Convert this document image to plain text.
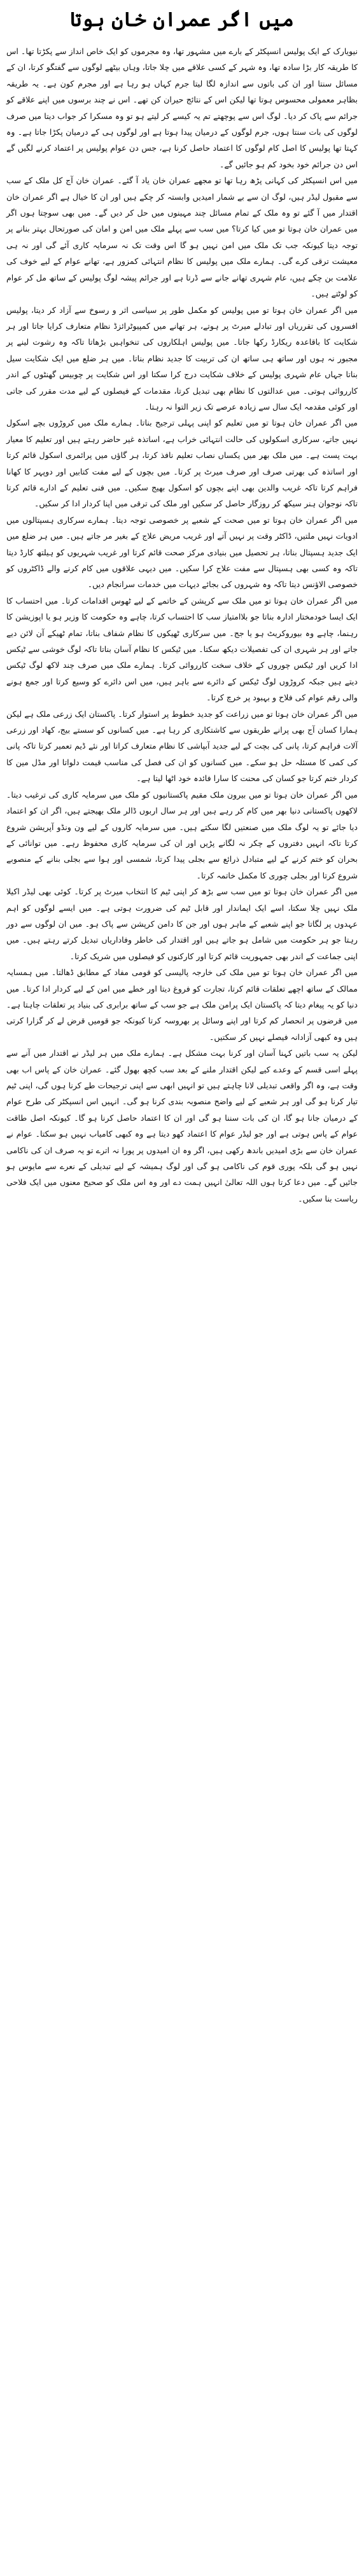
میں اگر عمران خان ہوتا

نیویارک کے ایک پولیس انسپکٹر کے بارے میں مشہور تھا، وہ مجرموں کو ایک خاص انداز سے پکڑتا تھا۔ اس کا طریقہ کار بڑا سادہ تھا، وہ شہر کے کسی علاقے میں چلا جاتا، وہاں بیٹھے لوگوں سے گفتگو کرتا، ان کے مسائل سنتا اور ان کی باتوں سے اندازہ لگا لیتا جرم کہاں ہو رہا ہے اور مجرم کون ہے۔ یہ طریقہ بظاہر معمولی محسوس ہوتا تھا لیکن اس کے نتائج حیران کن تھے۔ اس نے چند برسوں میں اپنے علاقے کو جرائم سے پاک کر دیا۔ لوگ اس سے پوچھتے تم یہ کیسے کر لیتے ہو تو وہ مسکرا کر جواب دیتا میں صرف لوگوں کی بات سنتا ہوں، جرم لوگوں کے درمیان پیدا ہوتا ہے اور لوگوں ہی کے درمیان پکڑا جاتا ہے۔ وہ کہتا تھا پولیس کا اصل کام لوگوں کا اعتماد حاصل کرنا ہے، جس دن عوام پولیس پر اعتماد کرنے لگیں گے اس دن جرائم خود بخود کم ہو جائیں گے۔

میں اس انسپکٹر کی کہانی پڑھ رہا تھا تو مجھے عمران خان یاد آ گئے۔ عمران خان آج کل ملک کے سب سے مقبول لیڈر ہیں، لوگ ان سے بے شمار امیدیں وابستہ کر چکے ہیں اور ان کا خیال ہے اگر عمران خان اقتدار میں آ گئے تو وہ ملک کے تمام مسائل چند مہینوں میں حل کر دیں گے۔ میں بھی سوچتا ہوں اگر میں عمران خان ہوتا تو میں کیا کرتا؟ میں سب سے پہلے ملک میں امن و امان کی صورتحال بہتر بنانے پر توجہ دیتا کیونکہ جب تک ملک میں امن نہیں ہو گا اس وقت تک نہ سرمایہ کاری آئے گی اور نہ ہی معیشت ترقی کرے گی۔ ہمارے ملک میں پولیس کا نظام انتہائی کمزور ہے، تھانے عوام کے لیے خوف کی علامت بن چکے ہیں، عام شہری تھانے جانے سے ڈرتا ہے اور جرائم پیشہ لوگ پولیس کے ساتھ مل کر عوام کو لوٹتے ہیں۔

میں اگر عمران خان ہوتا تو میں پولیس کو مکمل طور پر سیاسی اثر و رسوخ سے آزاد کر دیتا، پولیس افسروں کی تقرریاں اور تبادلے میرٹ پر ہوتے، ہر تھانے میں کمپیوٹرائزڈ نظام متعارف کرایا جاتا اور ہر شکایت کا باقاعدہ ریکارڈ رکھا جاتا۔ میں پولیس اہلکاروں کی تنخواہیں بڑھاتا تاکہ وہ رشوت لینے پر مجبور نہ ہوں اور ساتھ ہی ساتھ ان کی تربیت کا جدید نظام بناتا۔ میں ہر ضلع میں ایک شکایت سیل بناتا جہاں عام شہری پولیس کے خلاف شکایت درج کرا سکتا اور اس شکایت پر چوبیس گھنٹوں کے اندر کارروائی ہوتی۔ میں عدالتوں کا نظام بھی تبدیل کرتا، مقدمات کے فیصلوں کے لیے مدت مقرر کی جاتی اور کوئی مقدمہ ایک سال سے زیادہ عرصے تک زیر التوا نہ رہتا۔

میں اگر عمران خان ہوتا تو میں تعلیم کو اپنی پہلی ترجیح بناتا۔ ہمارے ملک میں کروڑوں بچے اسکول نہیں جاتے، سرکاری اسکولوں کی حالت انتہائی خراب ہے، اساتذہ غیر حاضر رہتے ہیں اور تعلیم کا معیار بہت پست ہے۔ میں ملک بھر میں یکساں نصاب تعلیم نافذ کرتا، ہر گاؤں میں پرائمری اسکول قائم کرتا اور اساتذہ کی بھرتی صرف اور صرف میرٹ پر کرتا۔ میں بچوں کے لیے مفت کتابیں اور دوپہر کا کھانا فراہم کرتا تاکہ غریب والدین بھی اپنے بچوں کو اسکول بھیج سکیں۔ میں فنی تعلیم کے ادارے قائم کرتا تاکہ نوجوان ہنر سیکھ کر روزگار حاصل کر سکیں اور ملک کی ترقی میں اپنا کردار ادا کر سکیں۔

میں اگر عمران خان ہوتا تو میں صحت کے شعبے پر خصوصی توجہ دیتا۔ ہمارے سرکاری ہسپتالوں میں ادویات نہیں ملتیں، ڈاکٹر وقت پر نہیں آتے اور غریب مریض علاج کے بغیر مر جاتے ہیں۔ میں ہر ضلع میں ایک جدید ہسپتال بناتا، ہر تحصیل میں بنیادی مرکز صحت قائم کرتا اور غریب شہریوں کو ہیلتھ کارڈ دیتا تاکہ وہ کسی بھی ہسپتال سے مفت علاج کرا سکیں۔ میں دیہی علاقوں میں کام کرنے والے ڈاکٹروں کو خصوصی الاؤنس دیتا تاکہ وہ شہروں کی بجائے دیہات میں خدمات سرانجام دیں۔

میں اگر عمران خان ہوتا تو میں ملک سے کرپشن کے خاتمے کے لیے ٹھوس اقدامات کرتا۔ میں احتساب کا ایک ایسا خودمختار ادارہ بناتا جو بلاامتیاز سب کا احتساب کرتا، چاہے وہ حکومت کا وزیر ہو یا اپوزیشن کا رہنما، چاہے وہ بیوروکریٹ ہو یا جج۔ میں سرکاری ٹھیکوں کا نظام شفاف بناتا، تمام ٹھیکے آن لائن دیے جاتے اور ہر شہری ان کی تفصیلات دیکھ سکتا۔ میں ٹیکس کا نظام آسان بناتا تاکہ لوگ خوشی سے ٹیکس ادا کریں اور ٹیکس چوروں کے خلاف سخت کارروائی کرتا۔ ہمارے ملک میں صرف چند لاکھ لوگ ٹیکس دیتے ہیں جبکہ کروڑوں لوگ ٹیکس کے دائرے سے باہر ہیں، میں اس دائرے کو وسیع کرتا اور جمع ہونے والی رقم عوام کی فلاح و بہبود پر خرچ کرتا۔

میں اگر عمران خان ہوتا تو میں زراعت کو جدید خطوط پر استوار کرتا۔ پاکستان ایک زرعی ملک ہے لیکن ہمارا کسان آج بھی پرانے طریقوں سے کاشتکاری کر رہا ہے۔ میں کسانوں کو سستے بیج، کھاد اور زرعی آلات فراہم کرتا، پانی کی بچت کے لیے جدید آبپاشی کا نظام متعارف کراتا اور نئے ڈیم تعمیر کرتا تاکہ پانی کی کمی کا مسئلہ حل ہو سکے۔ میں کسانوں کو ان کی فصل کی مناسب قیمت دلواتا اور مڈل مین کا کردار ختم کرتا جو کسان کی محنت کا سارا فائدہ خود اٹھا لیتا ہے۔

میں اگر عمران خان ہوتا تو میں بیرون ملک مقیم پاکستانیوں کو ملک میں سرمایہ کاری کی ترغیب دیتا۔ لاکھوں پاکستانی دنیا بھر میں کام کر رہے ہیں اور ہر سال اربوں ڈالر ملک بھیجتے ہیں، اگر ان کو اعتماد دیا جائے تو یہ لوگ ملک میں صنعتیں لگا سکتے ہیں۔ میں سرمایہ کاروں کے لیے ون ونڈو آپریشن شروع کرتا تاکہ انہیں دفتروں کے چکر نہ لگانے پڑیں اور ان کی سرمایہ کاری محفوظ رہے۔ میں توانائی کے بحران کو ختم کرنے کے لیے متبادل ذرائع سے بجلی پیدا کرتا، شمسی اور ہوا سے بجلی بنانے کے منصوبے شروع کرتا اور بجلی چوری کا مکمل خاتمہ کرتا۔

میں اگر عمران خان ہوتا تو میں سب سے بڑھ کر اپنی ٹیم کا انتخاب میرٹ پر کرتا۔ کوئی بھی لیڈر اکیلا ملک نہیں چلا سکتا، اسے ایک ایماندار اور قابل ٹیم کی ضرورت ہوتی ہے۔ میں ایسے لوگوں کو اہم عہدوں پر لگاتا جو اپنے شعبے کے ماہر ہوں اور جن کا دامن کرپشن سے پاک ہو۔ میں ان لوگوں سے دور رہتا جو ہر حکومت میں شامل ہو جاتے ہیں اور اقتدار کی خاطر وفاداریاں تبدیل کرتے رہتے ہیں۔ میں اپنی جماعت کے اندر بھی جمہوریت قائم کرتا اور کارکنوں کو فیصلوں میں شریک کرتا۔

میں اگر عمران خان ہوتا تو میں ملک کی خارجہ پالیسی کو قومی مفاد کے مطابق ڈھالتا۔ میں ہمسایہ ممالک کے ساتھ اچھے تعلقات قائم کرتا، تجارت کو فروغ دیتا اور خطے میں امن کے لیے کردار ادا کرتا۔ میں دنیا کو یہ پیغام دیتا کہ پاکستان ایک پرامن ملک ہے جو سب کے ساتھ برابری کی بنیاد پر تعلقات چاہتا ہے۔ میں قرضوں پر انحصار کم کرتا اور اپنے وسائل پر بھروسہ کرتا کیونکہ جو قومیں قرض لے کر گزارا کرتی ہیں وہ کبھی آزادانہ فیصلے نہیں کر سکتیں۔

لیکن یہ سب باتیں کہنا آسان اور کرنا بہت مشکل ہے۔ ہمارے ملک میں ہر لیڈر نے اقتدار میں آنے سے پہلے اسی قسم کے وعدے کیے لیکن اقتدار ملنے کے بعد سب کچھ بھول گئے۔ عمران خان کے پاس اب بھی وقت ہے، وہ اگر واقعی تبدیلی لانا چاہتے ہیں تو انہیں ابھی سے اپنی ترجیحات طے کرنا ہوں گی، اپنی ٹیم تیار کرنا ہو گی اور ہر شعبے کے لیے واضح منصوبہ بندی کرنا ہو گی۔ انہیں اس انسپکٹر کی طرح عوام کے درمیان جانا ہو گا، ان کی بات سننا ہو گی اور ان کا اعتماد حاصل کرنا ہو گا۔ کیونکہ اصل طاقت عوام کے پاس ہوتی ہے اور جو لیڈر عوام کا اعتماد کھو دیتا ہے وہ کبھی کامیاب نہیں ہو سکتا۔ عوام نے عمران خان سے بڑی امیدیں باندھ رکھی ہیں، اگر وہ ان امیدوں پر پورا نہ اترے تو یہ صرف ان کی ناکامی نہیں ہو گی بلکہ پوری قوم کی ناکامی ہو گی اور لوگ ہمیشہ کے لیے تبدیلی کے نعرے سے مایوس ہو جائیں گے۔ میں دعا کرتا ہوں اللہ تعالیٰ انہیں ہمت دے اور وہ اس ملک کو صحیح معنوں میں ایک فلاحی ریاست بنا سکیں۔
